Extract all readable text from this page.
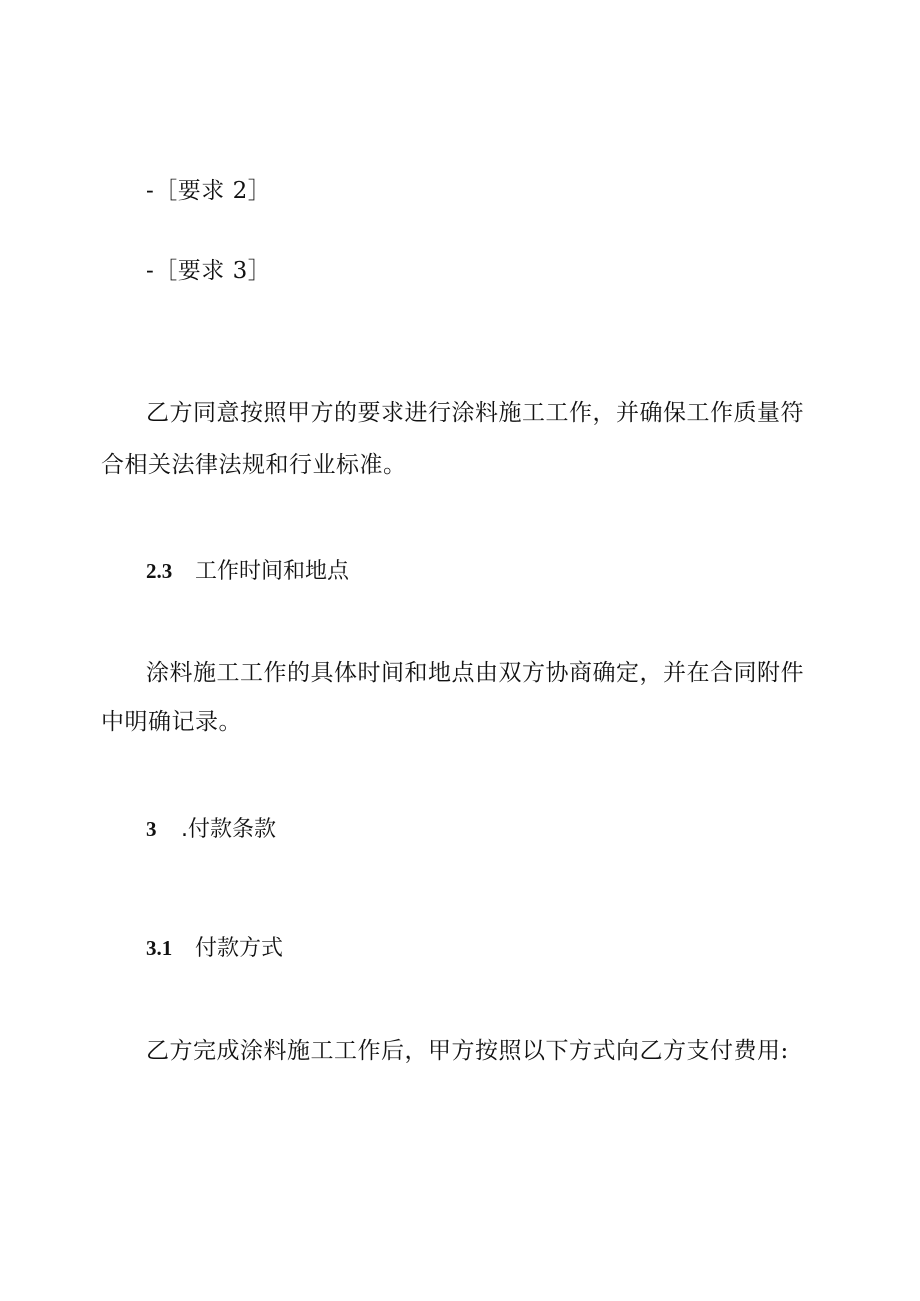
-［要求 2］
-［要求 3］
乙方同意按照甲方的要求进行涂料施工工作，并确保工作质量符
合相关法律法规和行业标准。
2.3 工作时间和地点
涂料施工工作的具体时间和地点由双方协商确定，并在合同附件
中明确记录。
3 .付款条款
3.1 付款方式
乙方完成涂料施工工作后，甲方按照以下方式向乙方支付费用:
